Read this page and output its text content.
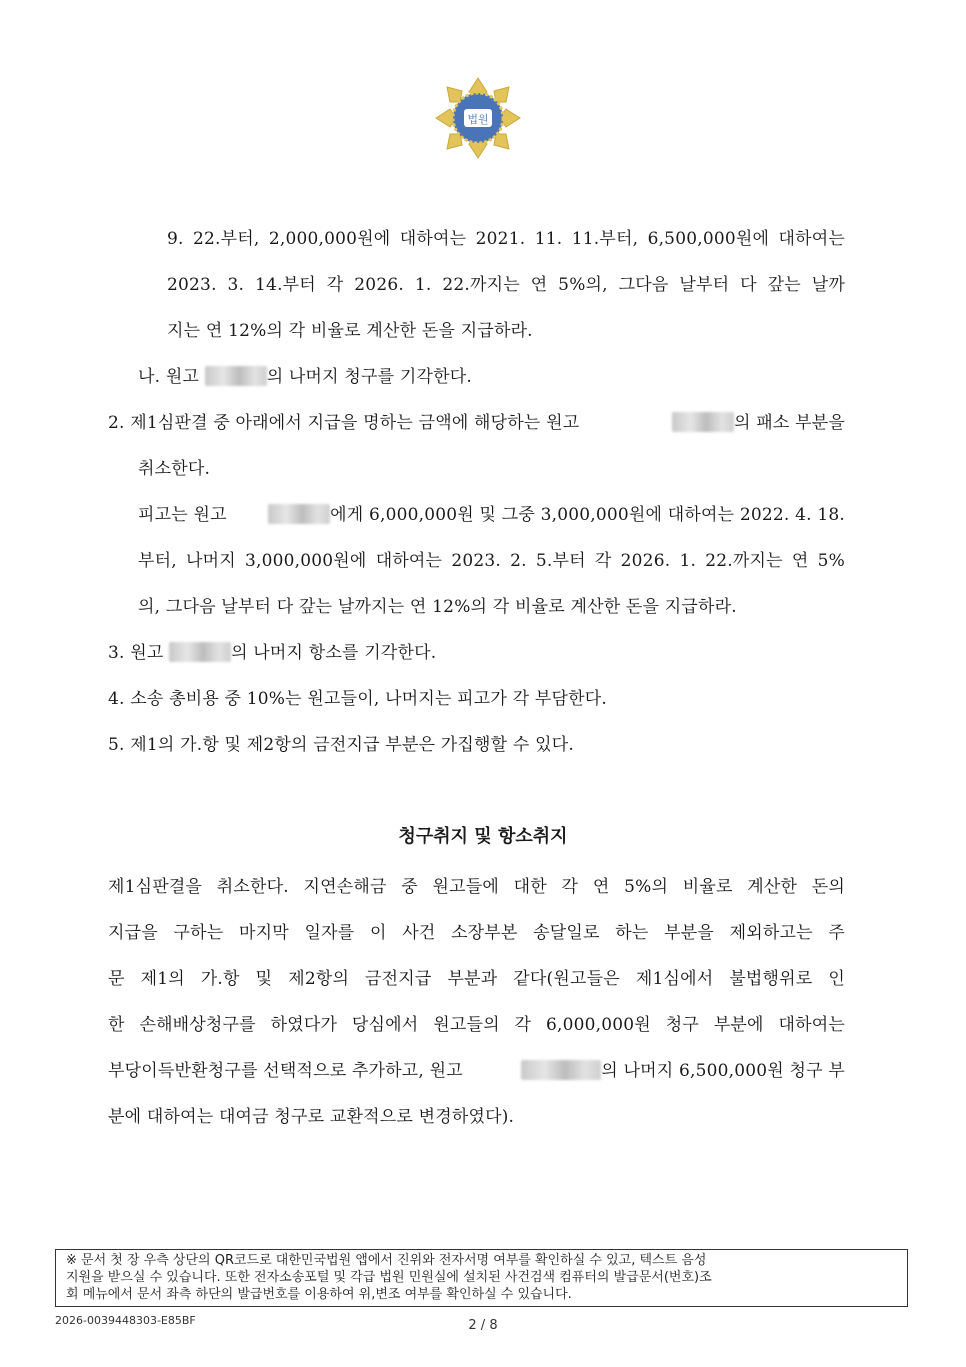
법원
9. 22.부터, 2,000,000원에 대하여는 2021. 11. 11.부터, 6,500,000원에 대하여는
2023. 3. 14.부터 각 2026. 1. 22.까지는 연 5%의, 그다음 날부터 다 갚는 날까
지는 연 12%의 각 비율로 계산한 돈을 지급하라.
나. 원고	의 나머지 청구를 기각한다.
2. 제1심판결 중 아래에서 지급을 명하는 금액에 해당하는 원고	의 패소 부분을
취소한다.
피고는 원고	에게 6,000,000원 및 그중 3,000,000원에 대하여는 2022. 4. 18.
부터, 나머지 3,000,000원에 대하여는 2023. 2. 5.부터 각 2026. 1. 22.까지는 연 5%
의, 그다음 날부터 다 갚는 날까지는 연 12%의 각 비율로 계산한 돈을 지급하라.
3. 원고	의 나머지 항소를 기각한다.
4. 소송 총비용 중 10%는 원고들이, 나머지는 피고가 각 부담한다.
5. 제1의 가.항 및 제2항의 금전지급 부분은 가집행할 수 있다.
청구취지 및 항소취지
제1심판결을 취소한다. 지연손해금 중 원고들에 대한 각 연 5%의 비율로 계산한 돈의
지급을 구하는 마지막 일자를 이 사건 소장부본 송달일로 하는 부분을 제외하고는 주
문 제1의 가.항 및 제2항의 금전지급 부분과 같다(원고들은 제1심에서 불법행위로 인
한 손해배상청구를 하였다가 당심에서 원고들의 각 6,000,000원 청구 부분에 대하여는
부당이득반환청구를 선택적으로 추가하고, 원고	의 나머지 6,500,000원 청구 부
분에 대하여는 대여금 청구로 교환적으로 변경하였다).
※ 문서 첫 장 우측 상단의 QR코드로 대한민국법원 앱에서 진위와 전자서명 여부를 확인하실 수 있고, 텍스트 음성
지원을 받으실 수 있습니다. 또한 전자소송포털 및 각급 법원 민원실에 설치된 사건검색 컴퓨터의 발급문서(번호)조
회 메뉴에서 문서 좌측 하단의 발급번호를 이용하여 위,변조 여부를 확인하실 수 있습니다.
2026-0039448303-E85BF	2 / 8
